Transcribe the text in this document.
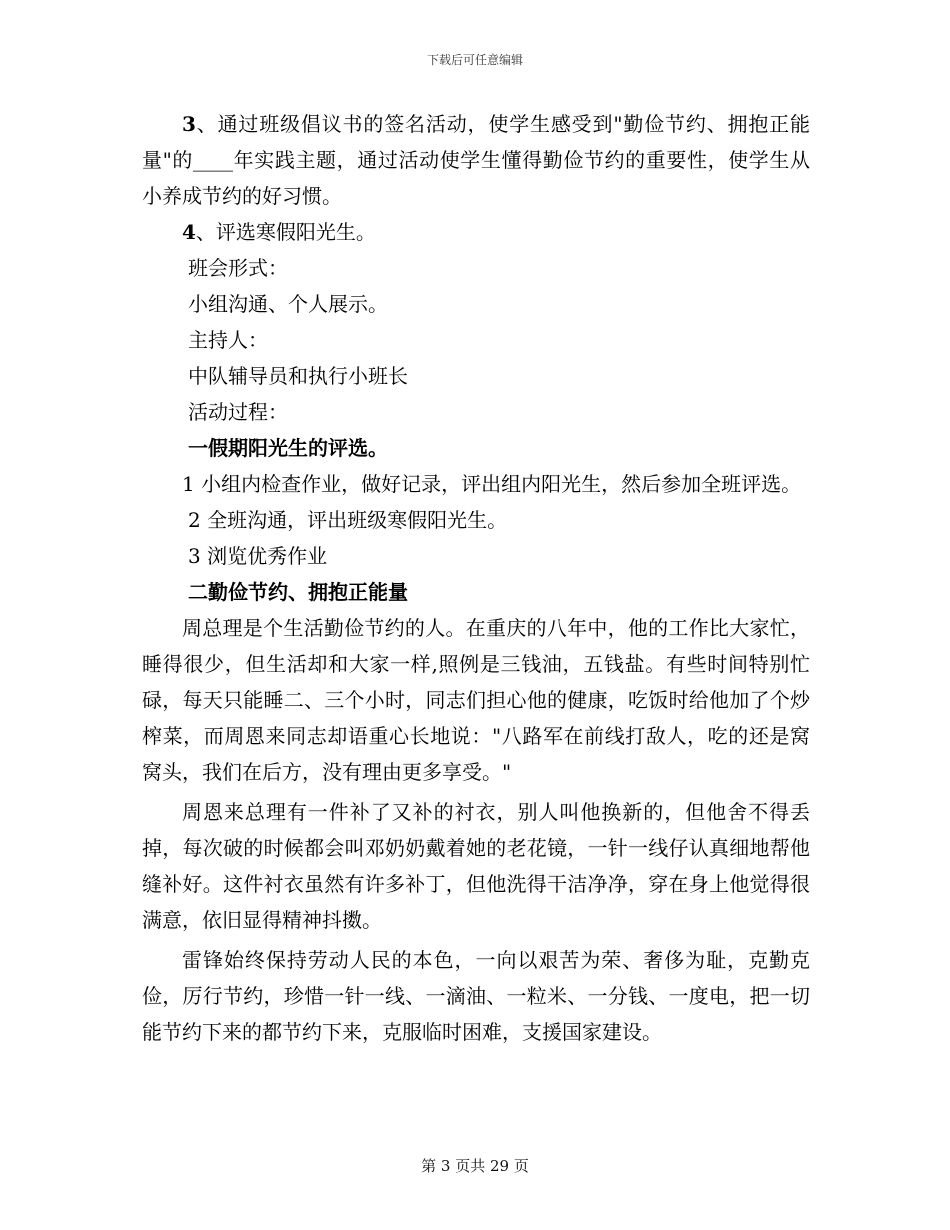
下载后可任意编辑

3、通过班级倡议书的签名活动，使学生感受到"勤俭节约、拥抱正能量"的____年实践主题，通过活动使学生懂得勤俭节约的重要性，使学生从小养成节约的好习惯。

4、评选寒假阳光生。

班会形式：

小组沟通、个人展示。

主持人：

中队辅导员和执行小班长

活动过程：

一假期阳光生的评选。

1 小组内检查作业，做好记录，评出组内阳光生，然后参加全班评选。

2 全班沟通，评出班级寒假阳光生。

3 浏览优秀作业

二勤俭节约、拥抱正能量

周总理是个生活勤俭节约的人。在重庆的八年中，他的工作比大家忙，睡得很少，但生活却和大家一样,照例是三钱油，五钱盐。有些时间特别忙碌，每天只能睡二、三个小时，同志们担心他的健康，吃饭时给他加了个炒榨菜，而周恩来同志却语重心长地说："八路军在前线打敌人，吃的还是窝窝头，我们在后方，没有理由更多享受。"

周恩来总理有一件补了又补的衬衣，别人叫他换新的，但他舍不得丢掉，每次破的时候都会叫邓奶奶戴着她的老花镜，一针一线仔认真细地帮他缝补好。这件衬衣虽然有许多补丁，但他洗得干洁净净，穿在身上他觉得很满意，依旧显得精神抖擞。

雷锋始终保持劳动人民的本色，一向以艰苦为荣、奢侈为耻，克勤克俭，厉行节约，珍惜一针一线、一滴油、一粒米、一分钱、一度电，把一切能节约下来的都节约下来，克服临时困难，支援国家建设。

第 3 页共 29 页
